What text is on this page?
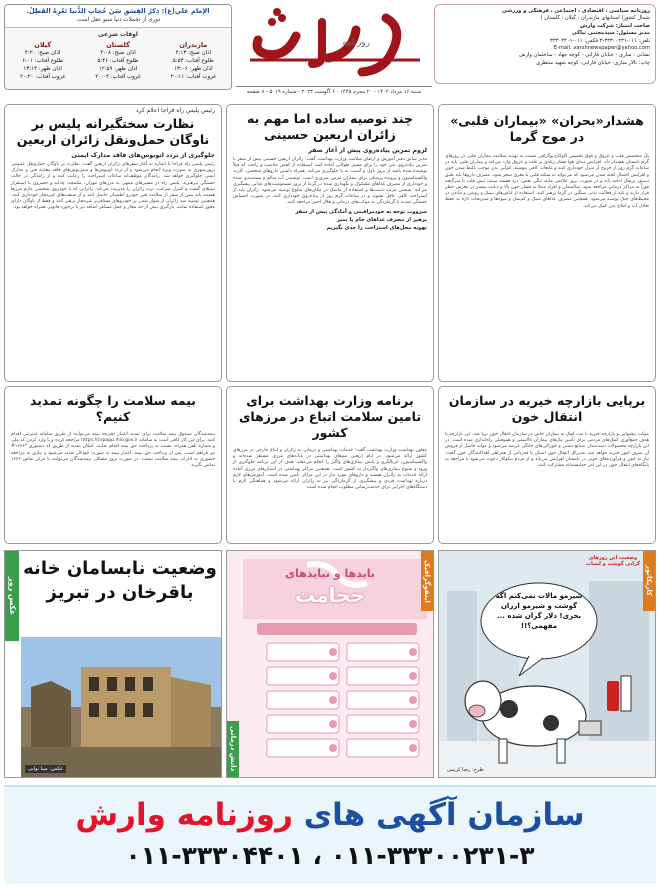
روزنامه سیاسی ، اقتصادی ، اجتماعی ، فرهنگی و ورزشی
شمال کشور( استانهای مازندران ، گیلان ، گلستان )
صاحب امتیاز: شرکت وارش
مدیر مسئول: سیدمجتبی نیاکی
تلفن: ۰۱۱-۳۳۳۰۰۲۳۱-۳ فکس: ۰۱۱-۳۳۳۰۴۴۰۱
E-mail: varshnewspaper@yahoo.com
نشانی : ساری - خیابان فارابی - کوچه جهاد - ساختمان وارش
چاپ: تالار ساری- خیابان فارابی- کوچه شهید منتظری
روزنامه
الإمام علي(ع): ذِكرُ الفِسَقِ سَنَ حُجابِ الدُّنيا تَعْرِهُ الفَطِلْ.
دوری از تجملات دنیا سبو عقل است.
اوقات شرعی
مازندران
اذان صبح: ۴:۱۳
طلوع آفتاب: ۵:۵۳
اذان ظهر: ۱۳:۰۶
غروب آفتاب: ۲۰:۱۱
گلستان
اذان صبح: ۴:۰۸
طلوع آفتاب: ۵:۴۶
اذان ظهر: ۱۲:۵۹
غروب آفتاب: ۲۰:۰۴
گیلان
اذان صبح: ۴:۲۰
طلوع آفتاب: ۶:۰۱
اذان ظهر: ۱۳:۱۴
غروب آفتاب: ۲۰:۲۰
شنبه ۱۶ مرداد ۱۴۰۲ - ۲۰ محرم ۱۴۴۵ - ۶ آگوست ۲۰۲۳ - شماره ۵۰۱۹ - ۸ صفحه
هشدار«بحران» «بیماران قلبی» در موج گرما
یک متخصص قلب و عروق و فوق تخصص اکوکاردیوگرافی نسبت به تهدید سلامت بیماران قلبی در روزهای گرم تابستان هشدار داد. افزایش دمای هوا فشار زیادی بر قلب و عروق وارد می‌کند و بیماران قلبی باید در ساعات گرم روز از خروج از منزل خودداری کنند و مایعات کافی بنوشند. کم‌آبی بدن موجب غلیظ شدن خون و افزایش احتمال لخته شدن می‌شود که می‌تواند به سکته قلبی یا مغزی منجر شود. مصرف داروها باید طبق دستور پزشک ادامه یابد و در صورت بروز علائمی مانند تنگی نفس، درد قفسه سینه، تپش قلب یا سرگیجه فوراً به مراکز درمانی مراجعه شود. سالمندان و افراد مبتلا به فشار خون بالا و دیابت بیشتر در معرض خطر قرار دارند و باید از فعالیت بدنی سنگین در گرما پرهیز کنند. استفاده از لباس‌های سبک و روشن و ماندن در محیط‌های خنک توصیه می‌شود. همچنین مصرف غذاهای سبک و کم‌نمک و میوه‌ها و سبزیجات تازه به حفظ تعادل آب و املاح بدن کمک می‌کند.
چند توصیه ساده اما مهم به زائران اربعین حسینی
لزوم تمرین پیاده‌روی پیش از آغاز سفر
مدیر سابق دفتر آموزش و ارتقای سلامت وزارت بهداشت گفت: زائران اربعین حسینی پیش از سفر با تمرین پیاده‌روی بدن خود را برای مسیر طولانی آماده کنند. استفاده از کفش مناسب و راحت که قبلاً پوشیده شده باشد از بروز تاول و آسیب به پا جلوگیری می‌کند. همراه داشتن داروهای شخصی، کارت واکسیناسیون و پرونده پزشکی برای بیماران مزمن ضروری است. نوشیدن آب سالم و بسته‌بندی شده و خودداری از مصرف غذاهای مشکوک و نگهداری شده در گرما از بروز مسمومیت‌های غذایی پیشگیری می‌کند. شستن مرتب دست‌ها و استفاده از ماسک در مکان‌های شلوغ توصیه می‌شود. زائران باید از استراحت کافی غافل نشوند و در ساعات گرم روز از پیاده‌روی خودداری کنند. در صورت احساس خستگی شدید یا گرمازدگی به موکب‌های درمانی و هلال احمر مراجعه کنند.
سرووت توجه به خودمراقبتی و آمادگی پیش از سفر
پرهیز از مصرف غذاهای خام یا تمیز
تهویه محل‌های استراحت را جدی بگیریم
رئیس پلیس راه فراجا اعلام کرد
نظارت سختگیرانه پلیس بر ناوگان حمل‌ونقل زائران اربعین
جلوگیری از تردد اتوبوس‌های فاقد مدارک ایمنی
رئیس پلیس راه فراجا با اشاره به آغاز سفرهای زائران اربعین گفت: نظارت بر ناوگان حمل‌ونقل عمومی برون‌شهری به صورت ویژه انجام می‌شود و از تردد اتوبوس‌ها و مینی‌بوس‌های فاقد معاینه فنی و مدارک ایمنی جلوگیری خواهد شد. رانندگان موظف‌اند ساعات استراحت را رعایت کنند و از رانندگی در حالت خستگی بپرهیزند. پلیس راه در مسیرهای منتهی به مرزهای مهران، شلمچه، چذابه و خسروی با استقرار تیم‌های گشت و کنترل سرعت، تردد زائران را مدیریت می‌کند. زائرانی که با خودروی شخصی عازم مرزها هستند باید پیش از سفر از سلامت فنی خودرو اطمینان حاصل کنند و از سبقت‌های غیرمجاز خودداری کنند. همچنین توصیه شد زائران از سوار شدن بر خودروهای مسافربر غیرمجاز پرهیز کنند و فقط از ناوگان دارای مجوز استفاده نمایند. بارگیری بیش از حد مجاز و حمل مسافر اضافه نیز با برخورد قانونی همراه خواهد بود.
برپایی بازارچه خیریه در سازمان انتقال خون
موکب پیشوایی و بازارچه خیریه با نیت کمک به بیماران خاص در سازمان انتقال خون برپا شد. این بازارچه با هدف جمع‌آوری کمک‌های مردمی برای تأمین نیازهای بیماران تالاسمی و هموفیلی راه‌اندازی شده است. در این بازارچه محصولات دست‌ساز، صنایع دستی و خوراکی‌های خانگی عرضه می‌شود و عواید حاصل از فروش آن صرف امور خیریه خواهد شد. مدیرکل انتقال خون استان با قدردانی از همراهی اهداکنندگان خون گفت: نیاز به خون و فرآورده‌های خونی در تابستان افزایش می‌یابد و از مردم نیکوکار دعوت می‌شود با مراجعه به پایگاه‌های انتقال خون در این امر خداپسندانه مشارکت کنند.
برنامه وزارت بهداشت برای تامین سلامت اتباع در مرزهای کشور
معاون بهداشت وزارت بهداشت گفت: خدمات بهداشتی و درمانی به زائران و اتباع خارجی در مرزهای کشور ارائه می‌شود. در ایام اربعین تیم‌های بهداشتی در پایانه‌های مرزی مستقر شده‌اند و واکسیناسیون، غربالگری و پایش بیماری‌های واگیر را انجام می‌دهند. هدف از این برنامه جلوگیری از ورود و شیوع بیماری‌های واگیردار به کشور است. همچنین مراکز بهداشتی در استان‌های مرزی آماده ارائه خدمات به زائران هستند و داروهای مورد نیاز در این مراکز تأمین شده است. آموزش‌های لازم درباره بهداشت فردی و پیشگیری از گرمازدگی نیز به زائران ارائه می‌شود و هماهنگی لازم با دستگاه‌های اجرایی برای خدمت‌رسانی مطلوب انجام شده است.
بیمه سلامت را چگونه تمدید کنیم؟
بیمه‌شدگان صندوق بیمه سلامت برای تمدید اعتبار دفترچه بیمه می‌توانند از طریق سامانه اینترنتی اقدام کنند. برای این کار کافی است به سامانه https://cspapp.ihio.gov.ir مراجعه کرده و با وارد کردن کد ملی و شماره تلفن همراه، نسبت به پرداخت حق بیمه اقدام نمایند. امکان تمدید از طریق کد دستوری *۱۶۶۶# نیز فراهم است. پس از پرداخت حق بیمه، اعتبار بیمه به صورت خودکار تمدید می‌شود و نیازی به مراجعه حضوری به ادارات بیمه سلامت نیست. در صورت بروز مشکل، بیمه‌شدگان می‌توانند با مرکز تماس ۱۶۶۶ تماس بگیرند.
کاریکاتور
وضعیت این روزهای گرانی گوشت و لبنیات
شیرمو مالات نمی‌کنم اگه گوشت و شیرمو ارزان بخری! دلار گران شده ... مفهمی؟!!
طرح: رضا کریمی
اینفوگرافیک
دانش درمانی
بایدها و نبایدهای
حجامت
عکس روز
وضعیت نابسامان خانه باقرخان در تبریز
عکس: مینا نوابی
سازمان آگهی های روزنامه وارش
۰۱۱-۳۳۳۰۰۲۳۱-۳ ، ۰۱۱-۳۳۳۰۴۴۰۱
